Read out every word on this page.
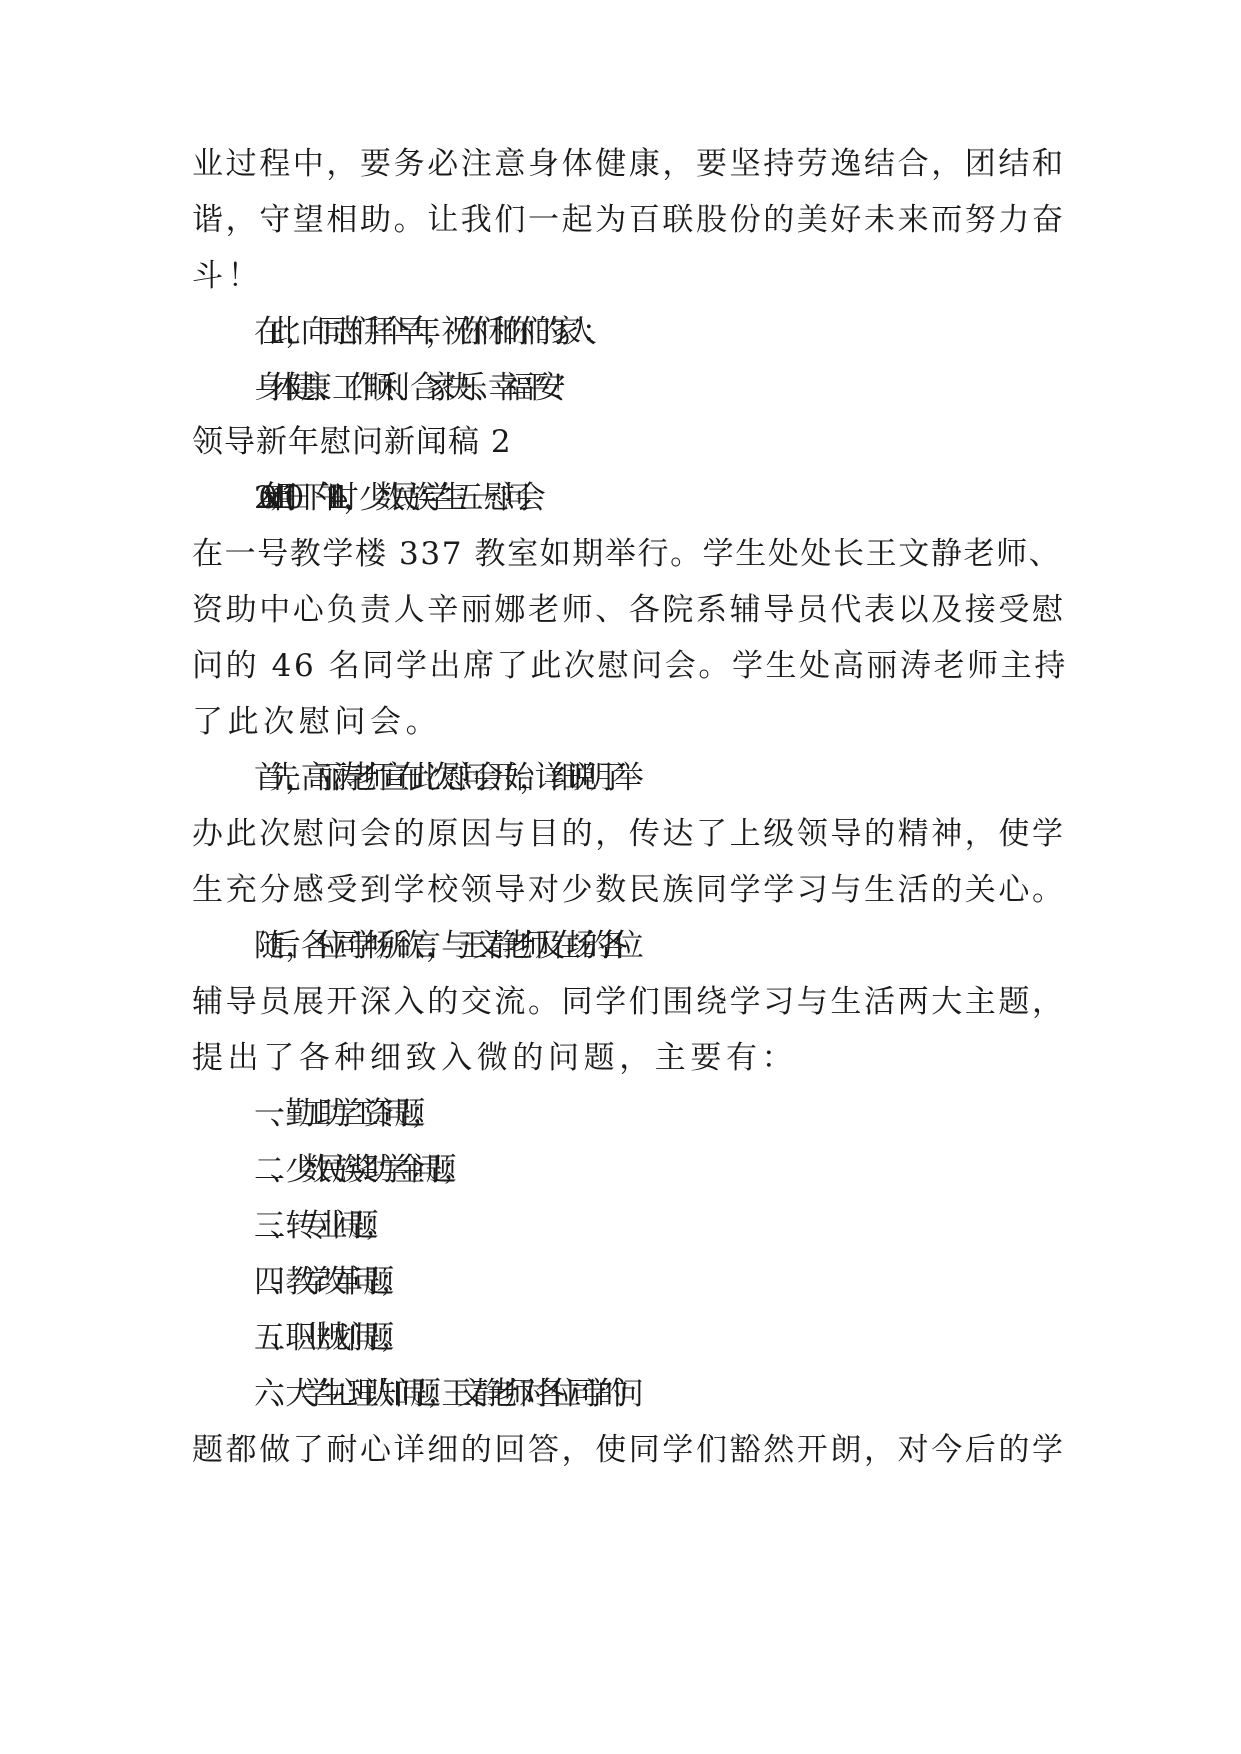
业过程中，要务必注意身体健康，要坚持劳逸结合，团结和
谐，守望相助。让我们一起为百联股份的美好未来而努力奋
斗！
在此，向同志们拜个早年，祝你们和你们的家人：
身体健康、工作顺利、合家快乐、幸福平安！
领导新年慰问新闻稿 2
20xx 年 1 月 10 日下午 14 时，少数民族学生五一慰问会
在一号教学楼 337 教室如期举行。学生处处长王文静老师、
资助中心负责人辛丽娜老师、各院系辅导员代表以及接受慰
问的 46 名同学出席了此次慰问会。学生处高丽涛老师主持
了此次慰问会。
首先，高丽涛老师宣布此次慰问会开始，详细说明了举
办此次慰问会的原因与目的，传达了上级领导的精神，使学
生充分感受到学校领导对少数民族同学学习与生活的关心。
随后，各位同学畅所欲言，与王文静老师及在场的各位
辅导员展开深入的交流。同学们围绕学习与生活两大主题，
提出了各种细致入微的问题，主要有：
一、勤工助学工资问题；
二、少数民族奖助学金问题；
三、转专业问题；
四、教学改革问题；
五、职业规划问题；
六、大学生心理认知问题；王文静老师对各位同学的问
题都做了耐心详细的回答，使同学们豁然开朗，对今后的学
